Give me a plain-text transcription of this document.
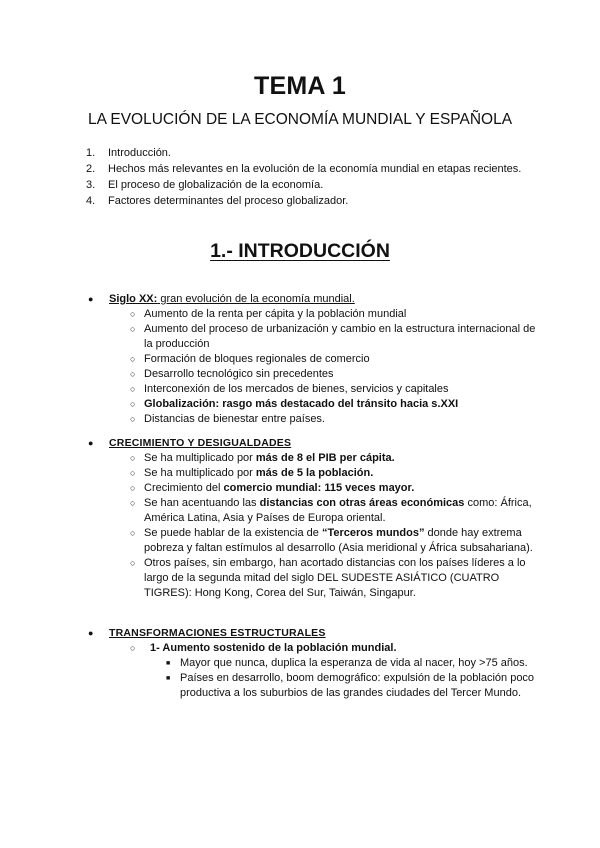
TEMA 1
LA EVOLUCIÓN DE LA ECONOMÍA MUNDIAL Y ESPAÑOLA
1. Introducción.
2. Hechos más relevantes en la evolución de la economía mundial en etapas recientes.
3. El proceso de globalización de la economía.
4. Factores determinantes del proceso globalizador.
1.- INTRODUCCIÓN
● Siglo XX: gran evolución de la economía mundial.
○ Aumento de la renta per cápita y la población mundial
○ Aumento del proceso de urbanización y cambio en la estructura internacional de la producción
○ Formación de bloques regionales de comercio
○ Desarrollo tecnológico sin precedentes
○ Interconexión de los mercados de bienes, servicios y capitales
○ Globalización: rasgo más destacado del tránsito hacia s.XXI
○ Distancias de bienestar entre países.
● CRECIMIENTO Y DESIGUALDADES
○ Se ha multiplicado por más de 8 el PIB per cápita.
○ Se ha multiplicado por más de 5 la población.
○ Crecimiento del comercio mundial: 115 veces mayor.
○ Se han acentuando las distancias con otras áreas económicas como: África, América Latina, Asia y Países de Europa oriental.
○ Se puede hablar de la existencia de “Terceros mundos” donde hay extrema pobreza y faltan estímulos al desarrollo (Asia meridional y África subsahariana).
○ Otros países, sin embargo, han acortado distancias con los países líderes a lo largo de la segunda mitad del siglo DEL SUDESTE ASIÁTICO (CUATRO TIGRES): Hong Kong, Corea del Sur, Taiwán, Singapur.
● TRANSFORMACIONES ESTRUCTURALES
○ 1- Aumento sostenido de la población mundial.
■ Mayor que nunca, duplica la esperanza de vida al nacer, hoy >75 años.
■ Países en desarrollo, boom demográfico: expulsión de la población poco productiva a los suburbios de las grandes ciudades del Tercer Mundo.
